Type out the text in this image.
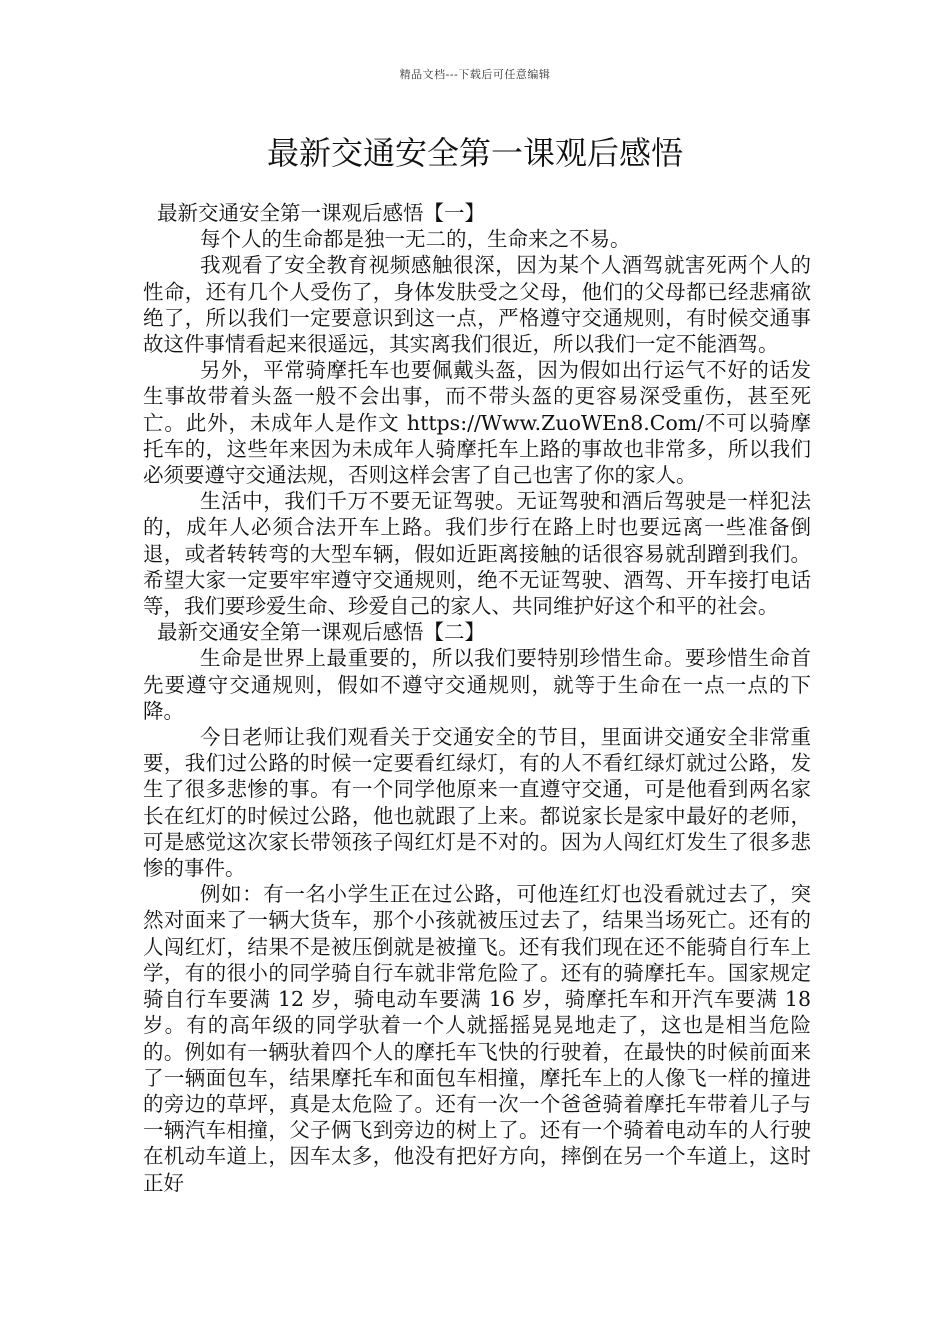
精品文档---下载后可任意编辑
最新交通安全第一课观后感悟
最新交通安全第一课观后感悟【一】

每个人的生命都是独一无二的，生命来之不易。

我观看了安全教育视频感触很深，因为某个人酒驾就害死两个人的性命，还有几个人受伤了，身体发肤受之父母，他们的父母都已经悲痛欲绝了，所以我们一定要意识到这一点，严格遵守交通规则，有时候交通事故这件事情看起来很遥远，其实离我们很近，所以我们一定不能酒驾。

另外，平常骑摩托车也要佩戴头盔，因为假如出行运气不好的话发生事故带着头盔一般不会出事，而不带头盔的更容易深受重伤，甚至死亡。此外，未成年人是作文 https://Www.ZuoWEn8.Com/不可以骑摩托车的，这些年来因为未成年人骑摩托车上路的事故也非常多，所以我们必须要遵守交通法规，否则这样会害了自己也害了你的家人。

生活中，我们千万不要无证驾驶。无证驾驶和酒后驾驶是一样犯法的，成年人必须合法开车上路。我们步行在路上时也要远离一些准备倒退，或者转转弯的大型车辆，假如近距离接触的话很容易就刮蹭到我们。希望大家一定要牢牢遵守交通规则，绝不无证驾驶、酒驾、开车接打电话等，我们要珍爱生命、珍爱自己的家人、共同维护好这个和平的社会。

最新交通安全第一课观后感悟【二】

生命是世界上最重要的，所以我们要特别珍惜生命。要珍惜生命首先要遵守交通规则，假如不遵守交通规则，就等于生命在一点一点的下降。

今日老师让我们观看关于交通安全的节目，里面讲交通安全非常重要，我们过公路的时候一定要看红绿灯，有的人不看红绿灯就过公路，发生了很多悲惨的事。有一个同学他原来一直遵守交通，可是他看到两名家长在红灯的时候过公路，他也就跟了上来。都说家长是家中最好的老师，可是感觉这次家长带领孩子闯红灯是不对的。因为人闯红灯发生了很多悲惨的事件。

例如：有一名小学生正在过公路，可他连红灯也没看就过去了，突然对面来了一辆大货车，那个小孩就被压过去了，结果当场死亡。还有的人闯红灯，结果不是被压倒就是被撞飞。还有我们现在还不能骑自行车上学，有的很小的同学骑自行车就非常危险了。还有的骑摩托车。国家规定骑自行车要满 12 岁，骑电动车要满 16 岁，骑摩托车和开汽车要满 18 岁。有的高年级的同学驮着一个人就摇摇晃晃地走了，这也是相当危险的。例如有一辆驮着四个人的摩托车飞快的行驶着，在最快的时候前面来了一辆面包车，结果摩托车和面包车相撞，摩托车上的人像飞一样的撞进的旁边的草坪，真是太危险了。还有一次一个爸爸骑着摩托车带着儿子与一辆汽车相撞，父子俩飞到旁边的树上了。还有一个骑着电动车的人行驶在机动车道上，因车太多，他没有把好方向，摔倒在另一个车道上，这时正好
